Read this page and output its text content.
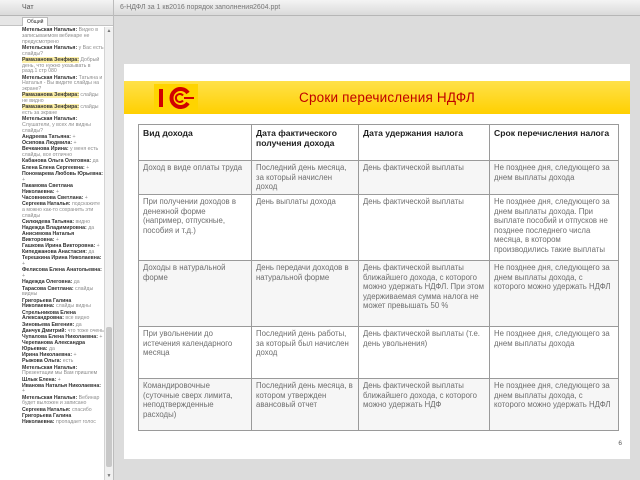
Чат
Общий
Метельская Наталья: Видео в записываемом вебинаре не предусмотрено
Метельская Наталья: у Вас есть слайды?
Рамазанова Зенфира: Добрый день, что нужно указывать в разд.1 стр 080
Метельская Наталья: Татьяна и Наталья - Вы видите слайды на экране?
Рамазанова Зенфира: слайды не видно
Рамазанова Зенфира: слайды есть за экране
Метельская Наталья: Слушатели, у всех ли видны слайды?
Андреева Татьяна: +
Осипова Людмила: +
Вечканова Ирина: у меня есть слайды, все отлично
Кабанова Ольга Олеговна: да
Елена Елена Сергеевна: +
Пономарева Любовь Юрьевна: +
Пакамова Светлана Николаевна: +
Часовникова Светлана: +
Сергеева Наталья: подскажите а можно как-то сохранить эти слайды
Силкидева Татьяна: видно
Надежда Владимировна: да
Анисимова Наталья Викторовна: +
Гашкова Ирина Викторовна: +
Кипеджанова Анастасия: да
Терешкина Ирина Николаевна: +
Фелисова Елена Анатольевна: +
Надежда Олеговна: да
Тарасова Светлана: слайды видны
Григорьева Галина Николаевна: слайды видны
Стрельникова Елена Александровна: все видно
Зиновьева Евгения: да
Данчук Дмитрий: что тоже очень
Чупалова Елена Николаевна: +
Черепанова Александра Юрьевна: да
Ирина Николаевна: +
Рыжова Ольга: есть
Метельская Наталья: Презентации мы Вам пришлем
Шлык Елена: +
Иванова Наталья Николаевна: +
Метельская Наталья: Вебинар будет выложен и записано
Сергеева Наталья: спасибо
Григорьева Галина Николаевна: пропадает голос
▲
▼
6-НДФЛ за 1 кв2016 порядок заполнения2604.ppt
Сроки перечисления НДФЛ
Вид дохода	Дата фактического получения дохода	Дата удержания налога	Срок перечисления налога
Доход в виде оплаты труда	Последний день месяца, за который начислен доход	День фактической выплаты	Не позднее дня, следующего за днем выплаты дохода
При получении доходов в денежной форме (например, отпускные, пособия и т.д.)	День выплаты дохода	День фактической выплаты	Не позднее дня, следующего за днем выплаты дохода. При выплате пособий и отпусков не позднее последнего числа месяца, в котором производились такие выплаты
Доходы в натуральной форме	День передачи доходов в натуральной форме	День фактической выплаты ближайшего дохода, с которого можно удержать НДФЛ. При этом удерживаемая сумма налога не может превышать 50 %	Не позднее дня, следующего за днем выплаты дохода, с которого можно удержать НДФЛ
При увольнении до истечения календарного месяца	Последний день работы, за который был начислен доход	День фактической выплаты (т.е. день увольнения)	Не позднее дня, следующего за днем выплаты дохода
Командировочные (суточные сверх лимита, неподтвержденные расходы)	Последний день месяца, в котором утвержден авансовый отчет	День фактической выплаты ближайшего дохода, с которого можно удержать НДФ	Не позднее дня, следующего за днем выплаты дохода, с которого можно удержать НДФЛ
6
